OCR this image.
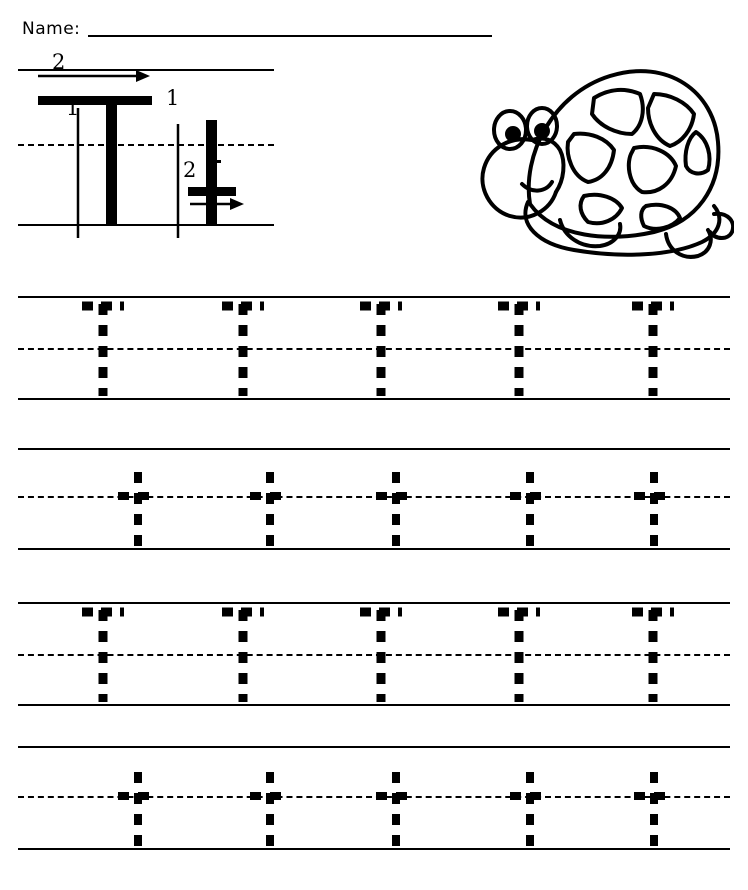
Name:
2
1	1
2
